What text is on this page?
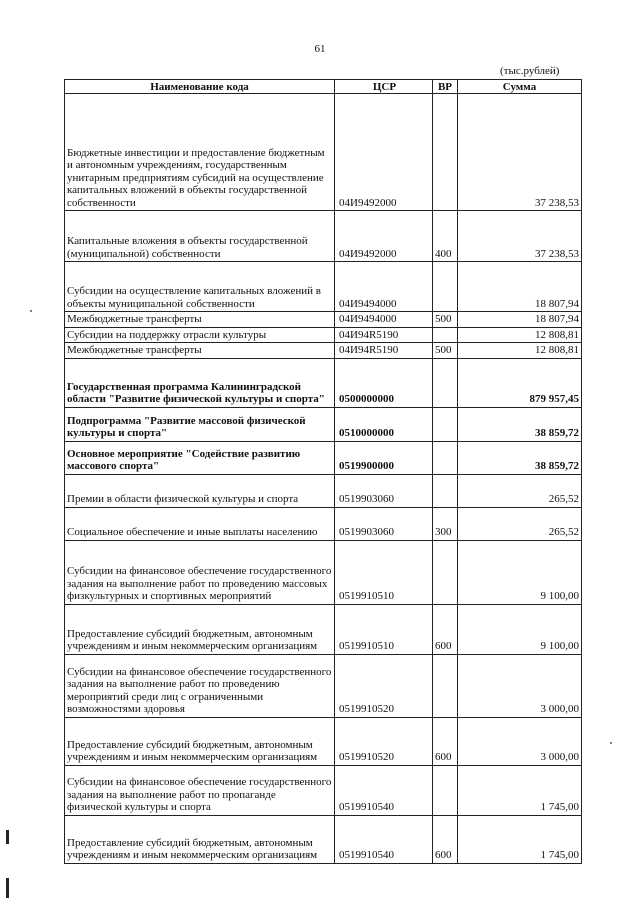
61
(тыс.рублей)
Наименование кода	ЦСР	ВР	Сумма
Бюджетные инвестиции и предоставление бюджетным и автономным учреждениям, государственным унитарным предприятиям субсидий на осуществление капитальных вложений в объекты государственной собственности	04И9492000		37 238,53
Капитальные вложения в объекты государственной (муниципальной) собственности	04И9492000	400	37 238,53
Субсидии на осуществление капитальных вложений в объекты муниципальной собственности	04И9494000		18 807,94
Межбюджетные трансферты	04И9494000	500	18 807,94
Субсидии на поддержку отрасли культуры	04И94R5190		12 808,81
Межбюджетные трансферты	04И94R5190	500	12 808,81
Государственная программа Калининградской области "Развитие физической культуры и спорта"	0500000000		879 957,45
Подпрограмма "Развитие массовой физической культуры и спорта"	0510000000		38 859,72
Основное мероприятие "Содействие развитию массового спорта"	0519900000		38 859,72
Премии в области физической культуры и спорта	0519903060		265,52
Социальное обеспечение и иные выплаты населению	0519903060	300	265,52
Субсидии на финансовое обеспечение государственного задания на выполнение работ по проведению массовых физкультурных и спортивных мероприятий	0519910510		9 100,00
Предоставление субсидий бюджетным, автономным учреждениям и иным некоммерческим организациям	0519910510	600	9 100,00
Субсидии на финансовое обеспечение государственного задания на выполнение работ по проведению мероприятий среди лиц с ограниченными возможностями здоровья	0519910520		3 000,00
Предоставление субсидий бюджетным, автономным учреждениям и иным некоммерческим организациям	0519910520	600	3 000,00
Субсидии на финансовое обеспечение государственного задания на выполнение работ по пропаганде физической культуры и спорта	0519910540		1 745,00
Предоставление субсидий бюджетным, автономным учреждениям и иным некоммерческим организациям	0519910540	600	1 745,00
